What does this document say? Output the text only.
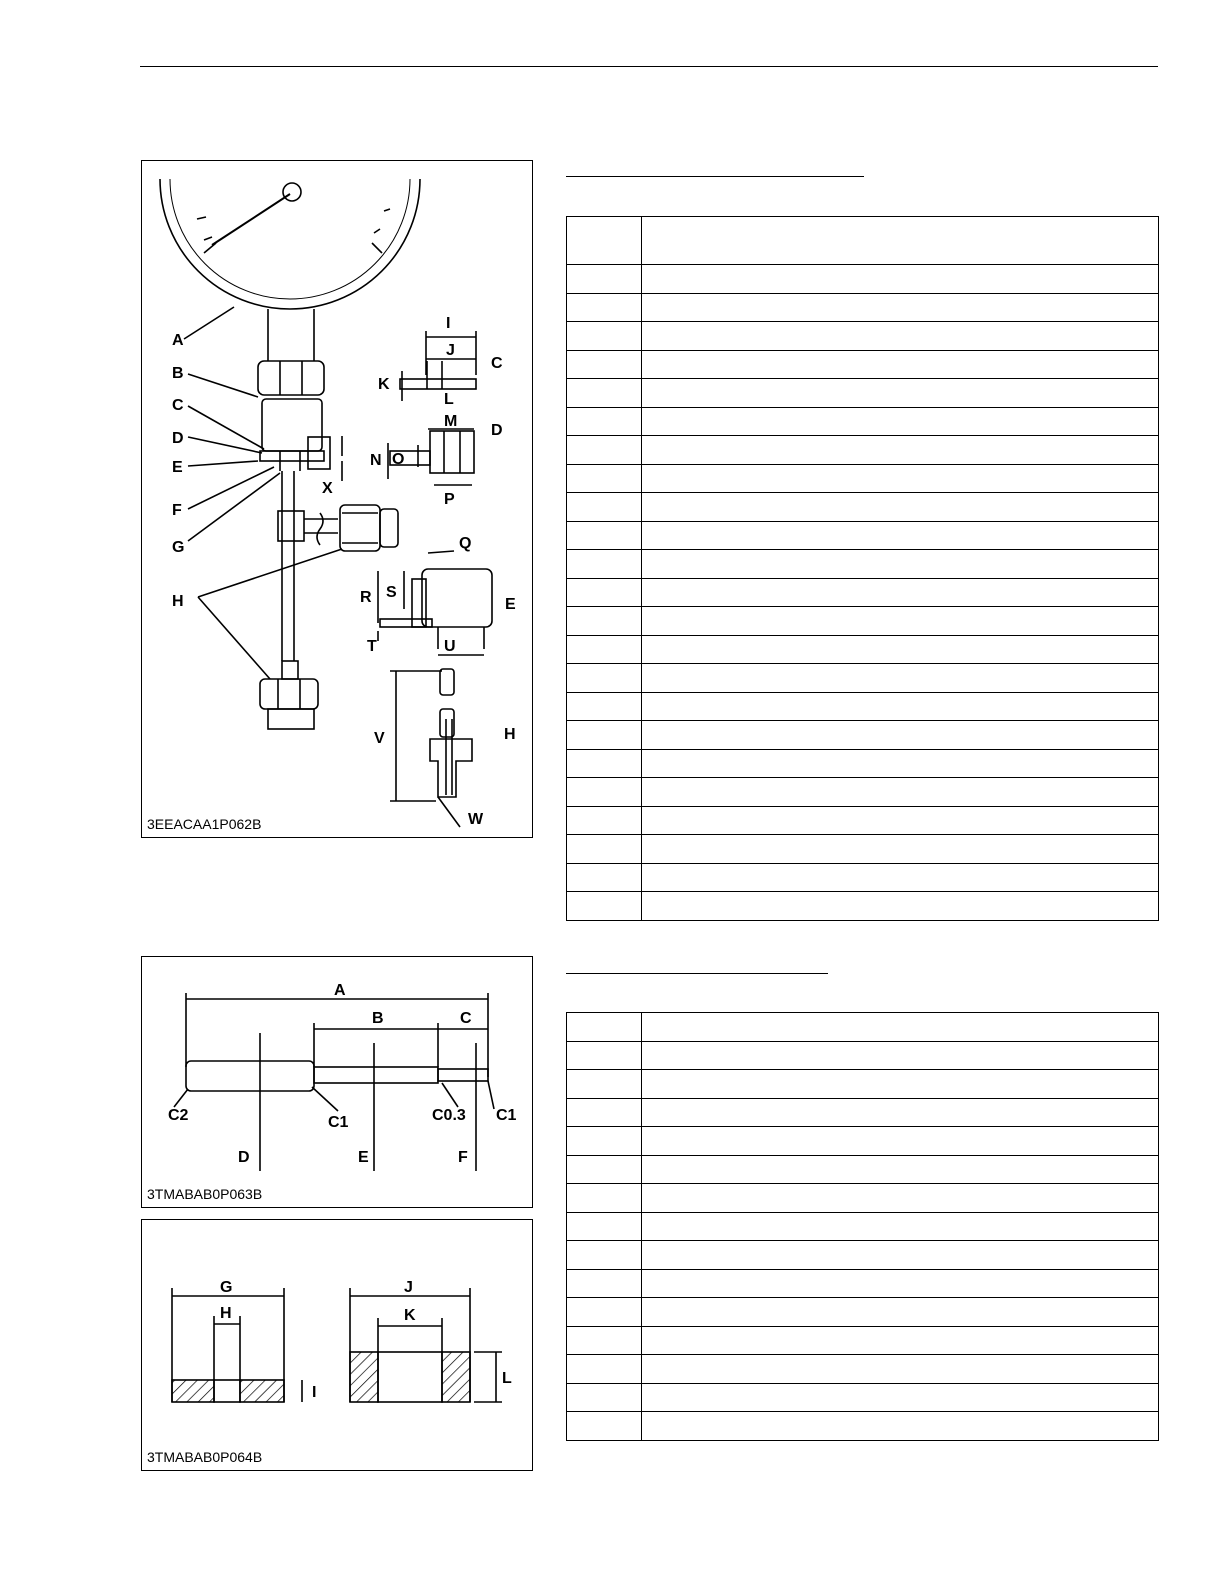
A
B
C
D
E
F
G
H
I
J
C
K
L
D
M
N O
P
Q
R S
E
T	U
V	H
W
X
3EEACAA1P062B
A
B	C
C2	C1	C0.3 C1
D	E	F
3TMABAB0P063B
G
H
I
J
K
L
3TMABAB0P064B
